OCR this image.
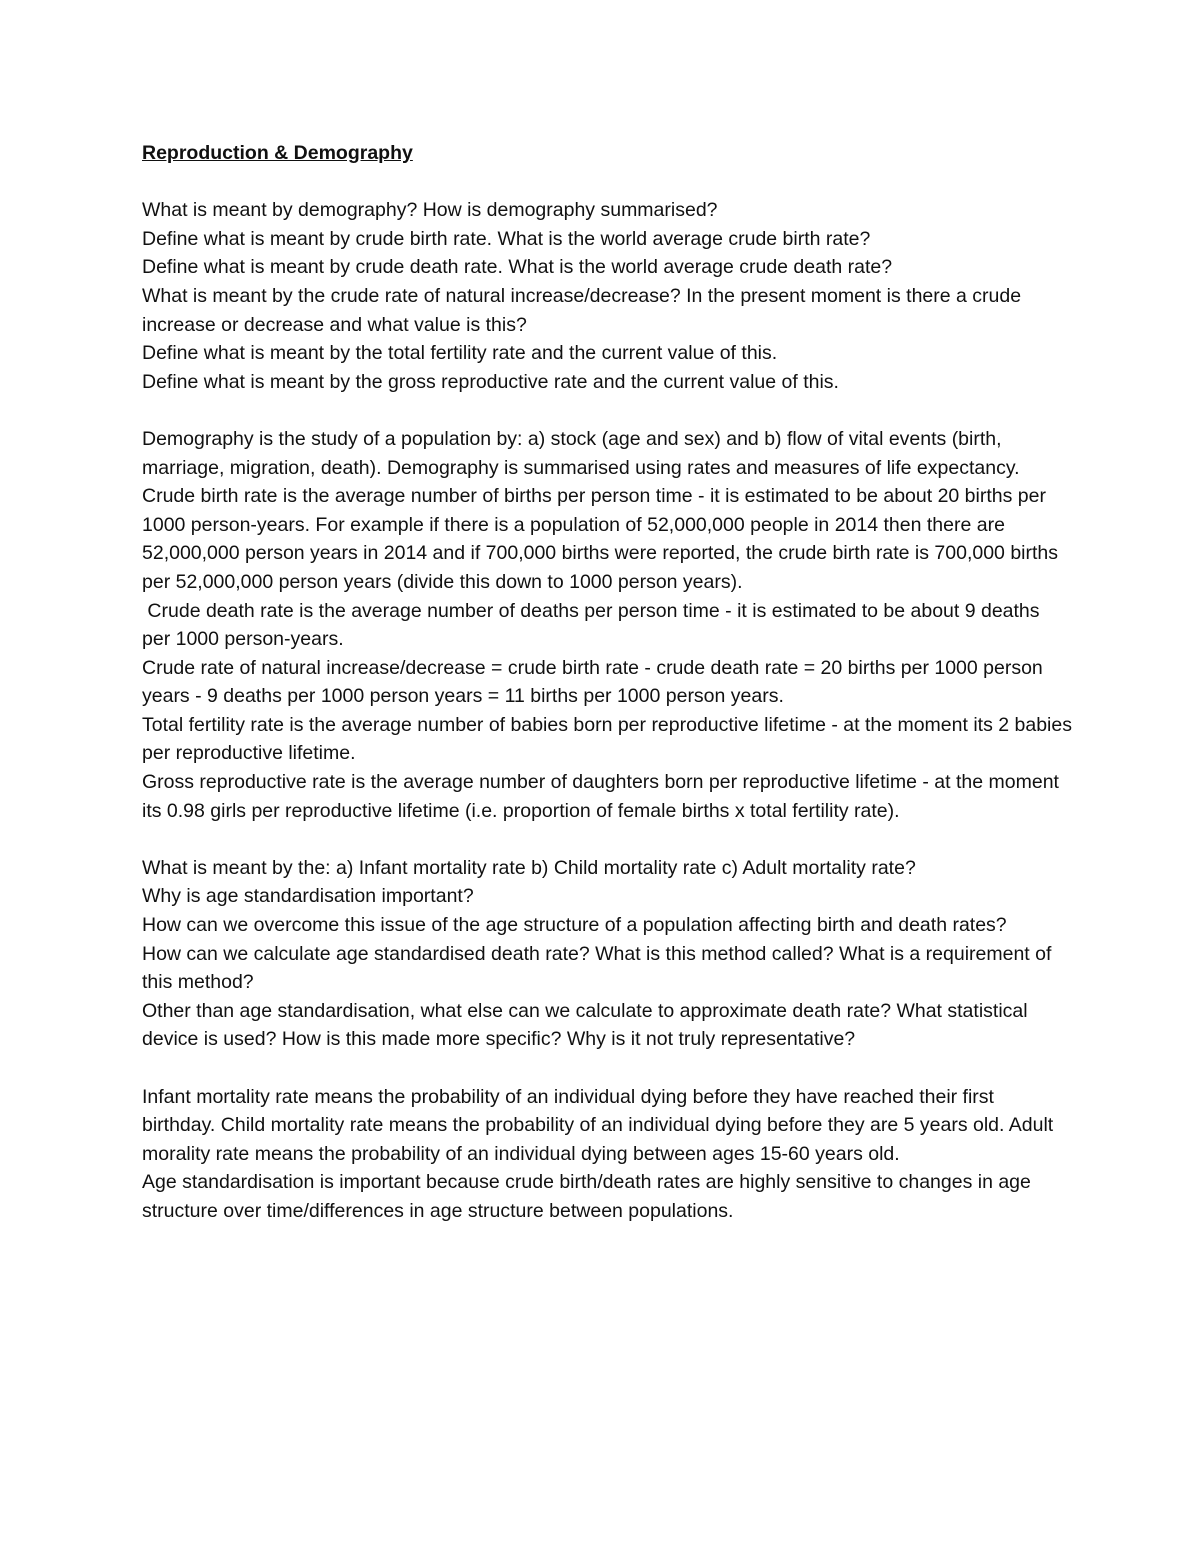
Reproduction & Demography
What is meant by demography? How is demography summarised?
Define what is meant by crude birth rate. What is the world average crude birth rate?
Define what is meant by crude death rate. What is the world average crude death rate?
What is meant by the crude rate of natural increase/decrease? In the present moment is there a crude increase or decrease and what value is this?
Define what is meant by the total fertility rate and the current value of this.
Define what is meant by the gross reproductive rate and the current value of this.
Demography is the study of a population by: a) stock (age and sex) and b) flow of vital events (birth, marriage, migration, death). Demography is summarised using rates and measures of life expectancy.
Crude birth rate is the average number of births per person time - it is estimated to be about 20 births per 1000 person-years. For example if there is a population of 52,000,000 people in 2014 then there are 52,000,000 person years in 2014 and if 700,000 births were reported, the crude birth rate is 700,000 births per 52,000,000 person years (divide this down to 1000 person years).
Crude death rate is the average number of deaths per person time - it is estimated to be about 9 deaths per 1000 person-years.
Crude rate of natural increase/decrease = crude birth rate - crude death rate = 20 births per 1000 person years - 9 deaths per 1000 person years = 11 births per 1000 person years.
Total fertility rate is the average number of babies born per reproductive lifetime - at the moment its 2 babies per reproductive lifetime.
Gross reproductive rate is the average number of daughters born per reproductive lifetime - at the moment its 0.98 girls per reproductive lifetime (i.e. proportion of female births x total fertility rate).
What is meant by the: a) Infant mortality rate b) Child mortality rate c) Adult mortality rate?
Why is age standardisation important?
How can we overcome this issue of the age structure of a population affecting birth and death rates?
How can we calculate age standardised death rate? What is this method called? What is a requirement of this method?
Other than age standardisation, what else can we calculate to approximate death rate? What statistical device is used? How is this made more specific? Why is it not truly representative?
Infant mortality rate means the probability of an individual dying before they have reached their first birthday. Child mortality rate means the probability of an individual dying before they are 5 years old. Adult morality rate means the probability of an individual dying between ages 15-60 years old.
Age standardisation is important because crude birth/death rates are highly sensitive to changes in age structure over time/differences in age structure between populations.
